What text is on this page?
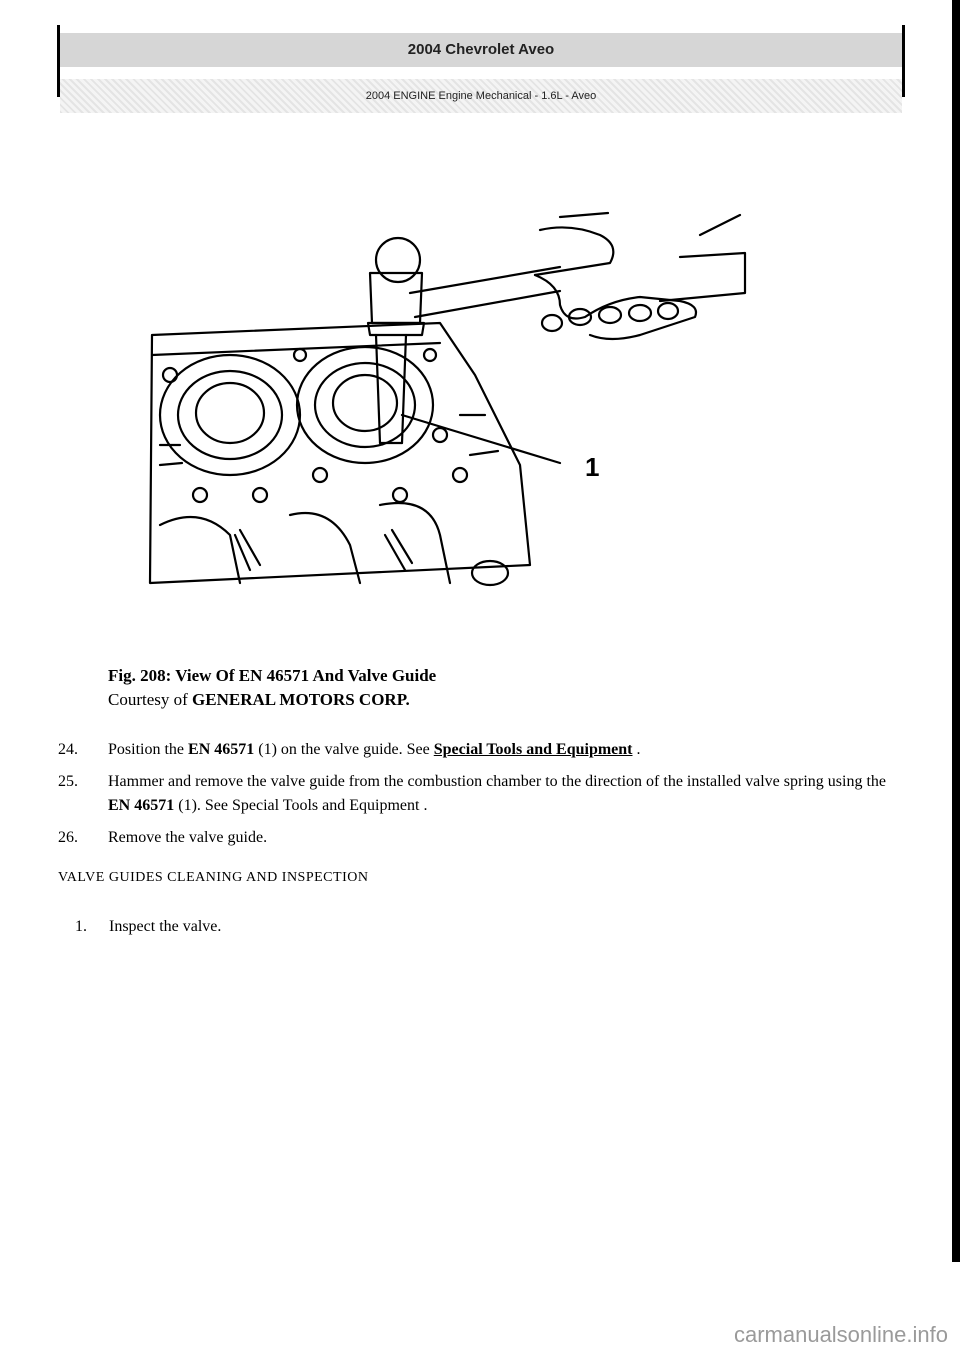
2004 Chevrolet Aveo
2004 ENGINE Engine Mechanical - 1.6L - Aveo
1
Fig. 208: View Of EN 46571 And Valve Guide
Courtesy of GENERAL MOTORS CORP.
24.	Position the EN 46571 (1) on the valve guide. See Special Tools and Equipment .
25.	Hammer and remove the valve guide from the combustion chamber to the direction of the installed valve spring using the EN 46571 (1). See Special Tools and Equipment .
26.	Remove the valve guide.
VALVE GUIDES CLEANING AND INSPECTION
1. Inspect the valve.
carmanualsonline.info
